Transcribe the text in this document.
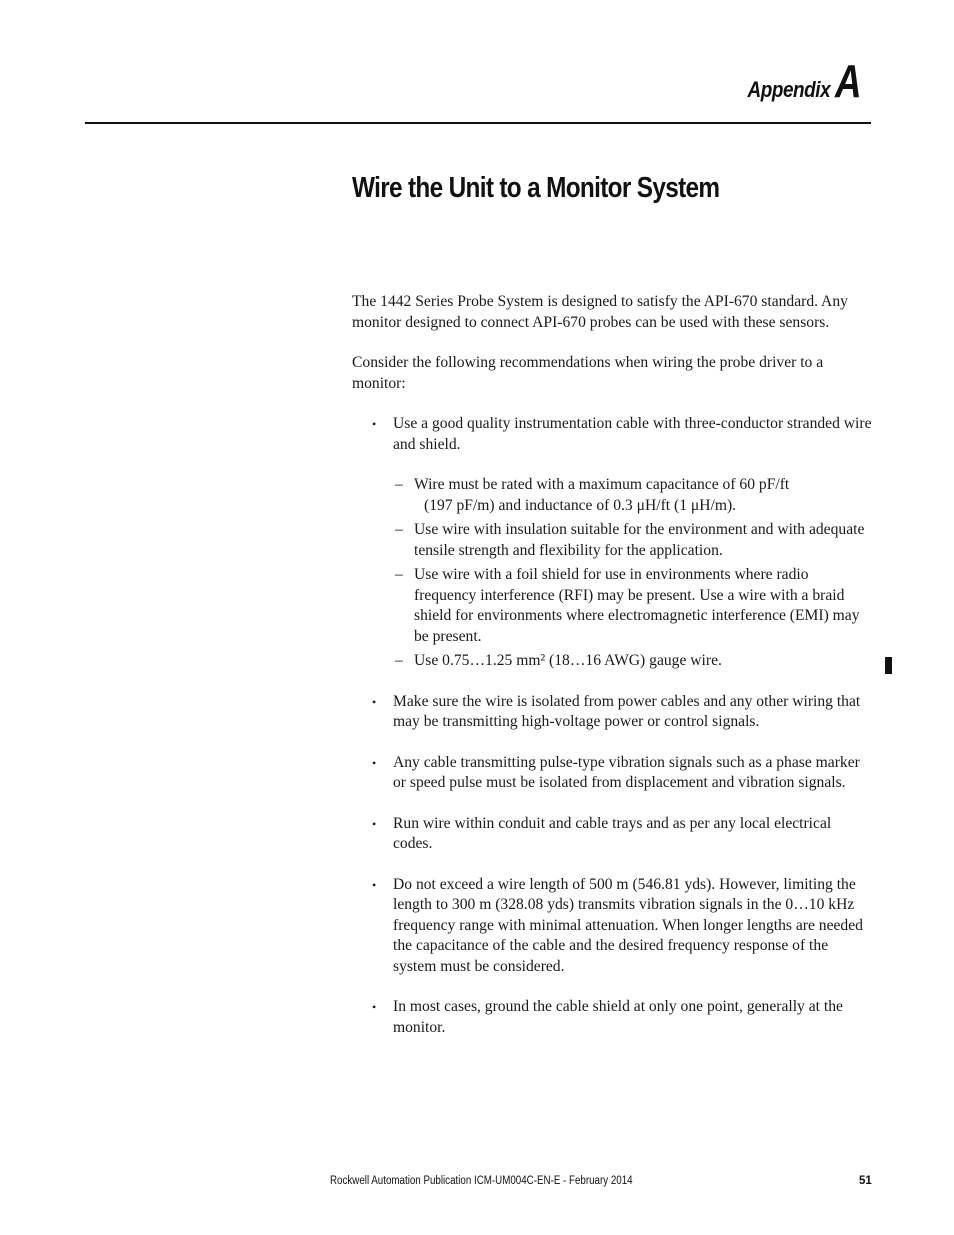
Appendix A
Wire the Unit to a Monitor System

The 1442 Series Probe System is designed to satisfy the API-670 standard. Any monitor designed to connect API-670 probes can be used with these sensors.

Consider the following recommendations when wiring the probe driver to a monitor:

• Use a good quality instrumentation cable with three-conductor stranded wire and shield.
– Wire must be rated with a maximum capacitance of 60 pF/ft
(197 pF/m) and inductance of 0.3 μH/ft (1 μH/m).
– Use wire with insulation suitable for the environment and with adequate tensile strength and flexibility for the application.
– Use wire with a foil shield for use in environments where radio frequency interference (RFI) may be present. Use a wire with a braid shield for environments where electromagnetic interference (EMI) may be present.
– Use 0.75…1.25 mm² (18…16 AWG) gauge wire.
• Make sure the wire is isolated from power cables and any other wiring that may be transmitting high-voltage power or control signals.
• Any cable transmitting pulse-type vibration signals such as a phase marker or speed pulse must be isolated from displacement and vibration signals.
• Run wire within conduit and cable trays and as per any local electrical codes.
• Do not exceed a wire length of 500 m (546.81 yds). However, limiting the length to 300 m (328.08 yds) transmits vibration signals in the 0…10 kHz frequency range with minimal attenuation. When longer lengths are needed the capacitance of the cable and the desired frequency response of the system must be considered.
• In most cases, ground the cable shield at only one point, generally at the monitor.
Rockwell Automation Publication ICM-UM004C-EN-E - February 2014	51
